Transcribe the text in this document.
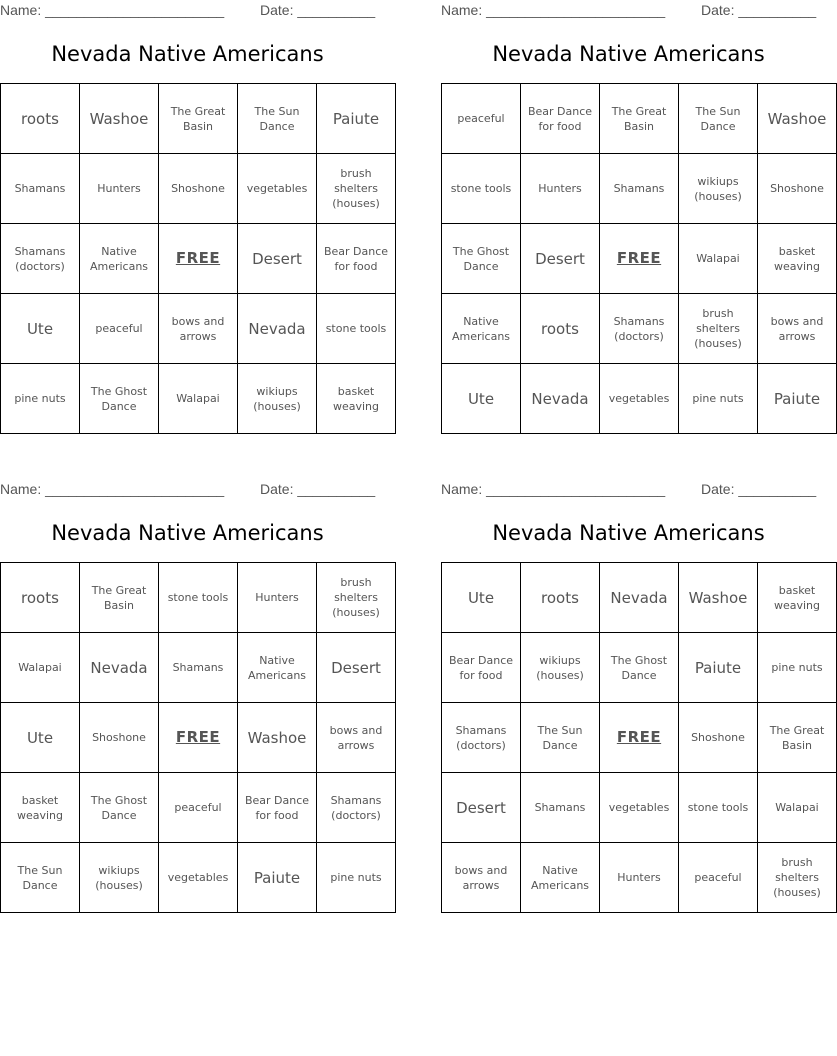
Name: _______________________	Date: __________
Nevada Native Americans
roots	Washoe	The Great Basin	The Sun Dance	Paiute
Shamans	Hunters	Shoshone	vegetables	brush shelters (houses)
Shamans (doctors)	Native Americans	FREE	Desert	Bear Dance for food
Ute	peaceful	bows and arrows	Nevada	stone tools
pine nuts	The Ghost Dance	Walapai	wikiups (houses)	basket weaving
Name: _______________________	Date: __________
Nevada Native Americans
peaceful	Bear Dance for food	The Great Basin	The Sun Dance	Washoe
stone tools	Hunters	Shamans	wikiups (houses)	Shoshone
The Ghost Dance	Desert	FREE	Walapai	basket weaving
Native Americans	roots	Shamans (doctors)	brush shelters (houses)	bows and arrows
Ute	Nevada	vegetables	pine nuts	Paiute
Name: _______________________	Date: __________
Nevada Native Americans
roots	The Great Basin	stone tools	Hunters	brush shelters (houses)
Walapai	Nevada	Shamans	Native Americans	Desert
Ute	Shoshone	FREE	Washoe	bows and arrows
basket weaving	The Ghost Dance	peaceful	Bear Dance for food	Shamans (doctors)
The Sun Dance	wikiups (houses)	vegetables	Paiute	pine nuts
Name: _______________________	Date: __________
Nevada Native Americans
Ute	roots	Nevada	Washoe	basket weaving
Bear Dance for food	wikiups (houses)	The Ghost Dance	Paiute	pine nuts
Shamans (doctors)	The Sun Dance	FREE	Shoshone	The Great Basin
Desert	Shamans	vegetables	stone tools	Walapai
bows and arrows	Native Americans	Hunters	peaceful	brush shelters (houses)
